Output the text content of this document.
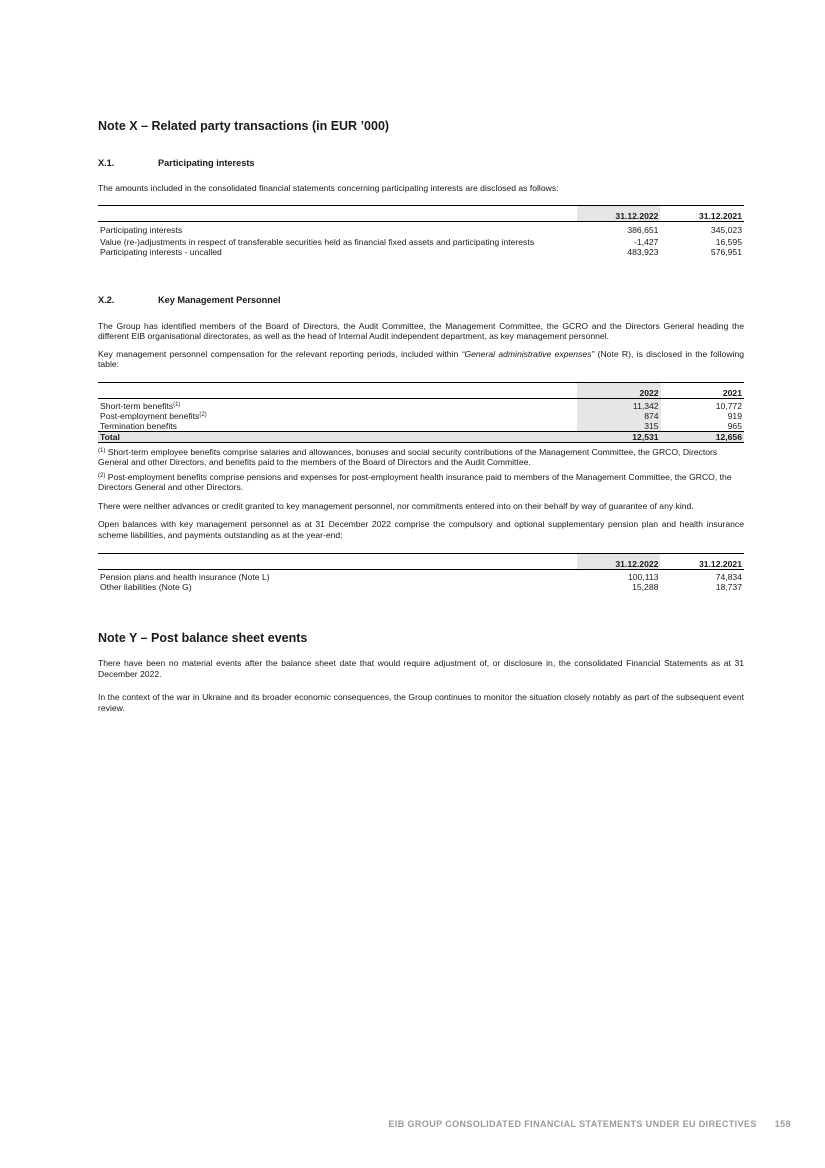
Note X – Related party transactions (in EUR ’000)
X.1.	Participating interests

The amounts included in the consolidated financial statements concerning participating interests are disclosed as follows:

	31.12.2022	31.12.2021
Participating interests	386,651	345,023
Value (re-)adjustments in respect of transferable securities held as financial fixed assets and participating interests	-1,427	16,595
Participating interests - uncalled	483,923	576,951
X.2.	Key Management Personnel

The Group has identified members of the Board of Directors, the Audit Committee, the Management Committee, the GCRO and the Directors General heading the different EIB organisational directorates, as well as the head of Internal Audit independent department, as key management personnel.

Key management personnel compensation for the relevant reporting periods, included within “General administrative expenses” (Note R), is disclosed in the following table:

	2022	2021
Short-term benefits$^{(1)}$	11,342	10,772
Post-employment benefits$^{(2)}$	874	919
Termination benefits	315	965
Total	12,531	12,656

$^{(1)}$ Short-term employee benefits comprise salaries and allowances, bonuses and social security contributions of the Management Committee, the GRCO, Directors General and other Directors, and benefits paid to the members of the Board of Directors and the Audit Committee.

$^{(2)}$ Post-employment benefits comprise pensions and expenses for post-employment health insurance paid to members of the Management Committee, the GRCO, the Directors General and other Directors.

There were neither advances or credit granted to key management personnel, nor commitments entered into on their behalf by way of guarantee of any kind.

Open balances with key management personnel as at 31 December 2022 comprise the compulsory and optional supplementary pension plan and health insurance scheme liabilities, and payments outstanding as at the year-end:

	31.12.2022	31.12.2021
Pension plans and health insurance (Note L)	100,113	74,834
Other liabilities (Note G)	15,288	18,737
Note Y – Post balance sheet events

There have been no material events after the balance sheet date that would require adjustment of, or disclosure in, the consolidated Financial Statements as at 31 December 2022.

In the context of the war in Ukraine and its broader economic consequences, the Group continues to monitor the situation closely notably as part of the subsequent event review.

EIB GROUP CONSOLIDATED FINANCIAL STATEMENTS UNDER EU DIRECTIVES 158
